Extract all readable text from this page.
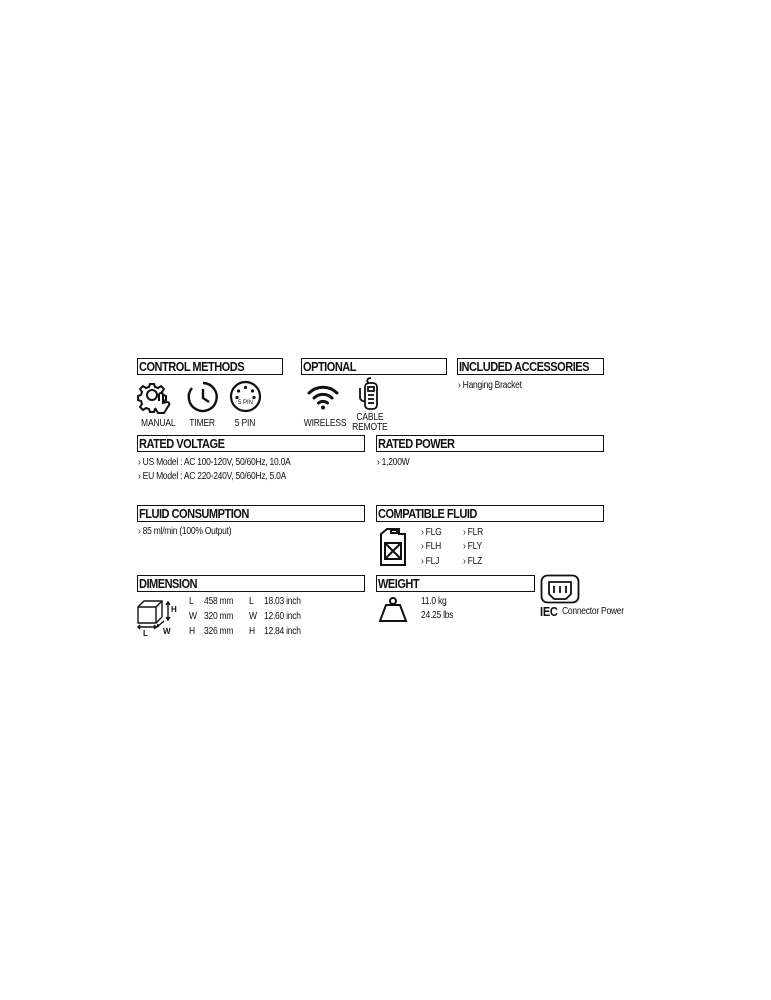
CONTROL METHODS	OPTIONAL	INCLUDED ACCESSORIES
RATED VOLTAGE	RATED POWER
FLUID CONSUMPTION	COMPATIBLE FLUID
DIMENSION	WEIGHT
5 PIN
MANUAL	TIMER	5 PIN	WIRELESS
CABLE
REMOTE
› Hanging Bracket
› US Model : AC 100-120V, 50/60Hz, 10.0A
› EU Model : AC 220-240V, 50/60Hz, 5.0A
› 1,200W
› 85 ml/min (100% Output)	› FLG
› FLH
› FLJ
› FLR
› FLY
› FLZ
H
W
L
L 458 mm	L 18.03 inch
W 320 mm	W 12.60 inch
H 326 mm	H 12.84 inch
11.0 kg
24.25 lbs	IEC Connector Power
